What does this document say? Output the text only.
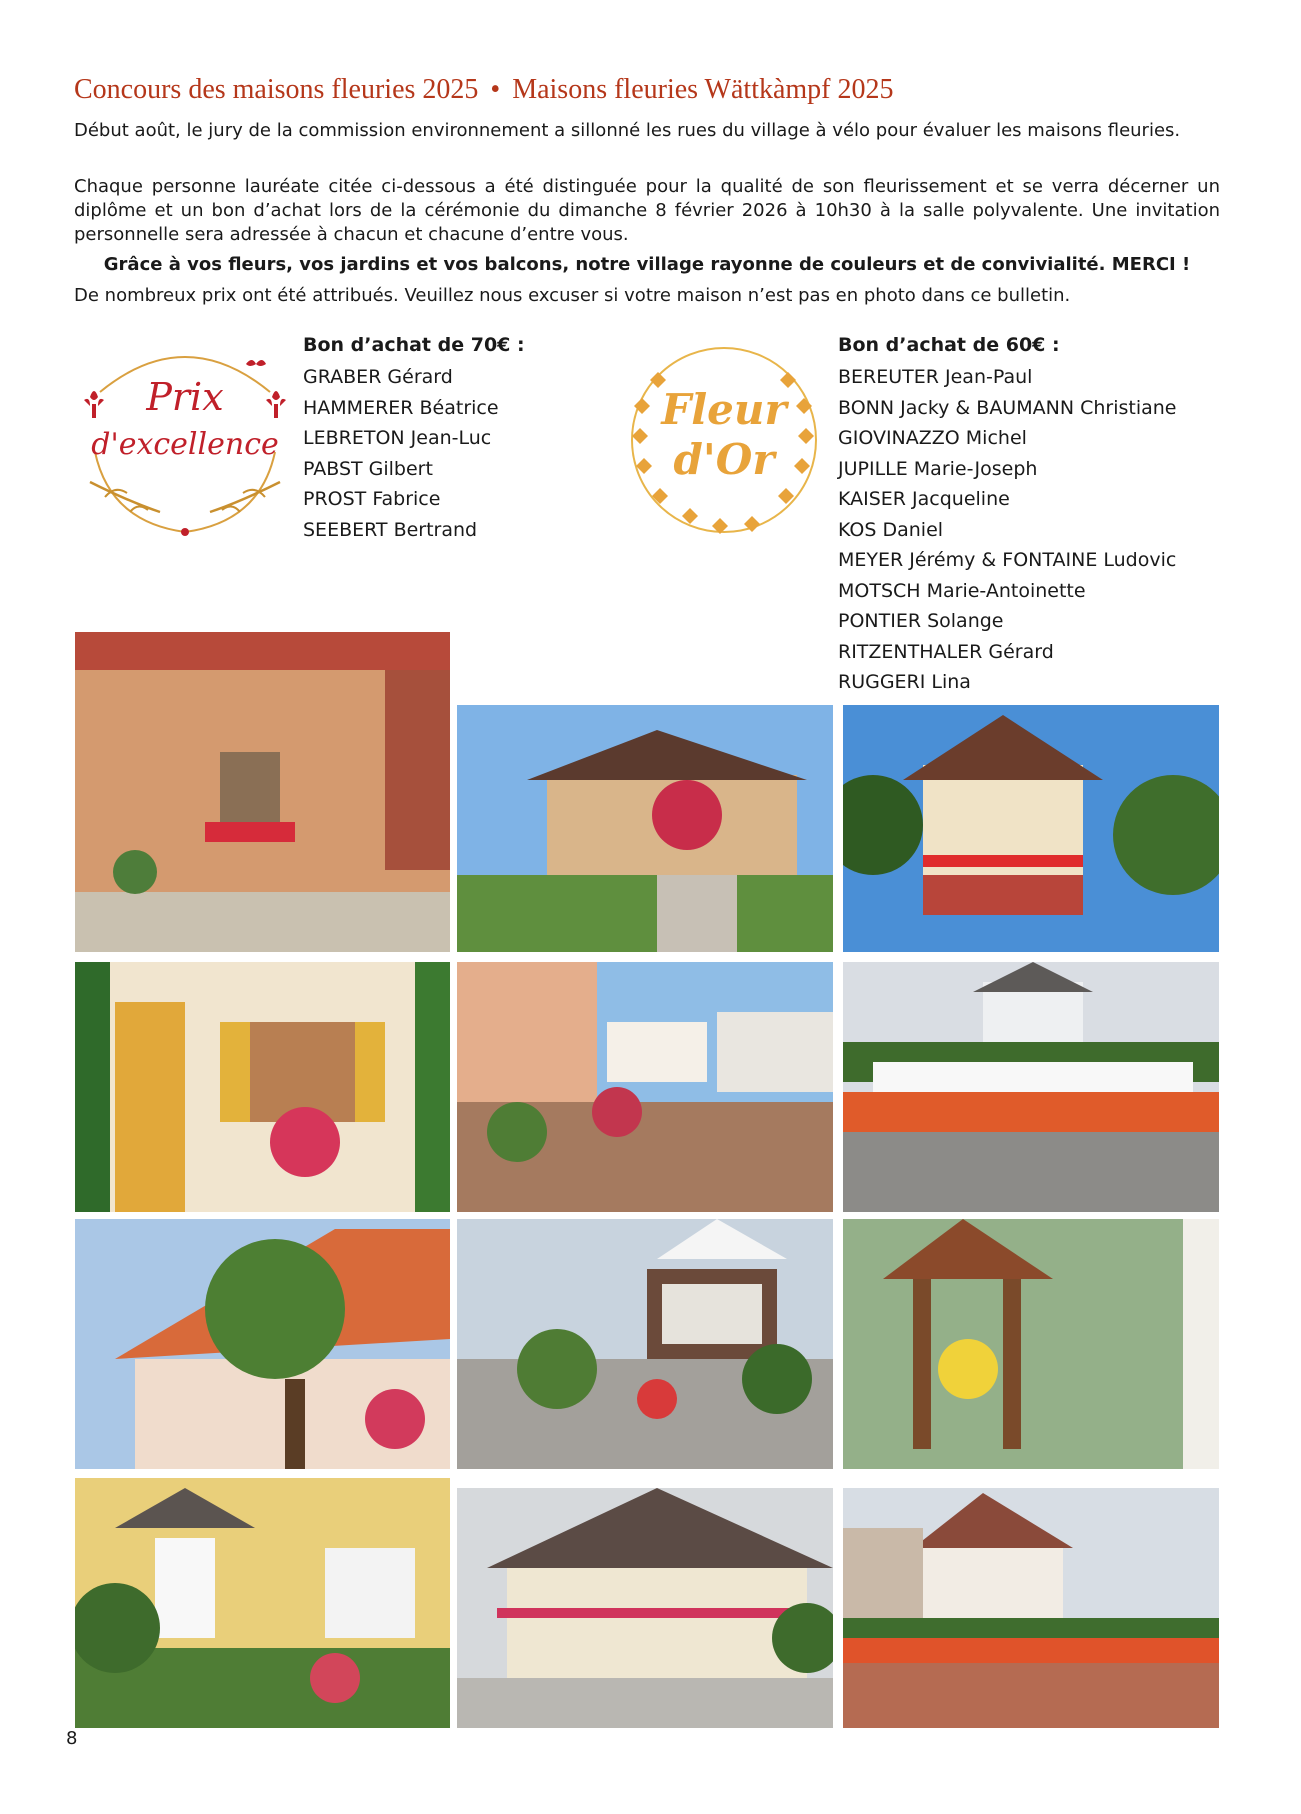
Concours des maisons fleuries 2025 • Maisons fleuries Wättkàmpf 2025
Début août, le jury de la commission environnement a sillonné les rues du village à vélo pour évaluer les maisons fleuries.
Chaque personne lauréate citée ci-dessous a été distinguée pour la qualité de son fleurissement et se verra décerner un diplôme et un bon d’achat lors de la cérémonie du dimanche 8 février 2026 à 10h30 à la salle polyvalente. Une invitation personnelle sera adressée à chacun et chacune d’entre vous.
Grâce à vos fleurs, vos jardins et vos balcons, notre village rayonne de couleurs et de convivialité. MERCI !
De nombreux prix ont été attribués. Veuillez nous excuser si votre maison n’est pas en photo dans ce bulletin.
Prix
d'excellence
Bon d’achat de 70€ :
GRABER Gérard
HAMMERER Béatrice
LEBRETON Jean-Luc
PABST Gilbert
PROST Fabrice
SEEBERT Bertrand
Fleur
d'Or
Bon d’achat de 60€ :
BEREUTER Jean-Paul
BONN Jacky & BAUMANN Christiane
GIOVINAZZO Michel
JUPILLE Marie-Joseph
KAISER Jacqueline
KOS Daniel
MEYER Jérémy & FONTAINE Ludovic
MOTSCH Marie-Antoinette
PONTIER Solange
RITZENTHALER Gérard
RUGGERI Lina
8
